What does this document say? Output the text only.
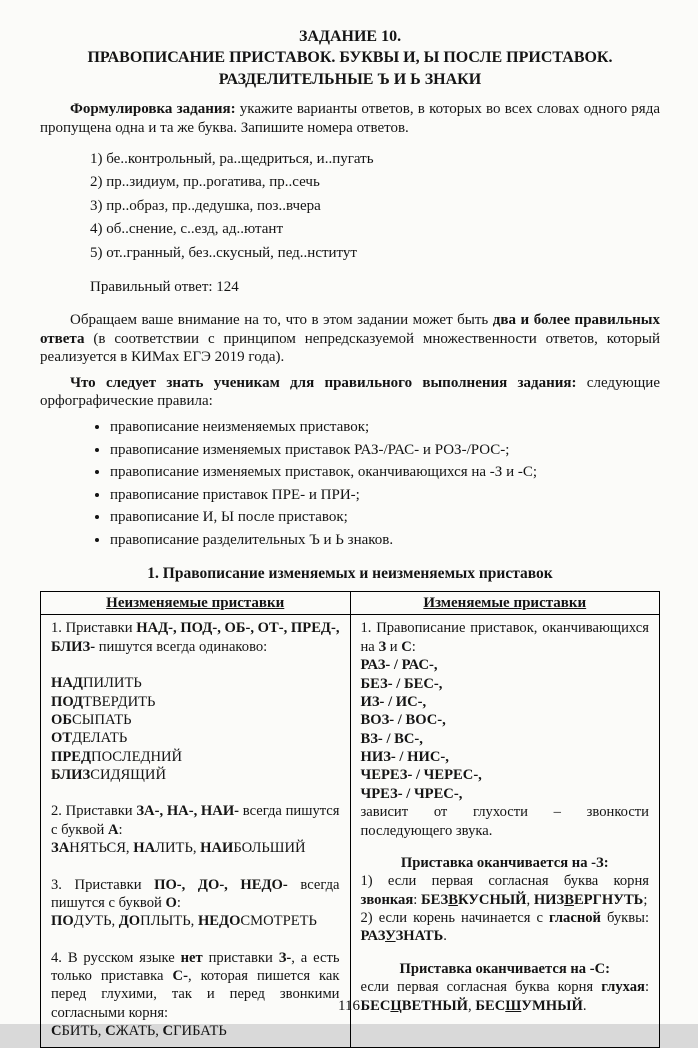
ЗАДАНИЕ 10.
ПРАВОПИСАНИЕ ПРИСТАВОК. БУКВЫ И, Ы ПОСЛЕ ПРИСТАВОК.
РАЗДЕЛИТЕЛЬНЫЕ Ъ И Ь ЗНАКИ

Формулировка задания: укажите варианты ответов, в которых во всех словах одного ряда пропущена одна и та же буква. Запишите номера ответов.

1) бе..контрольный, ра..щедриться, и..пугать
2) пр..зидиум, пр..рогатива, пр..сечь
3) пр..образ, пр..дедушка, поз..вчера
4) об..снение, с..езд, ад..ютант
5) от..гранный, без..скусный, пед..нститут
Правильный ответ: 124

Обращаем ваше внимание на то, что в этом задании может быть два и более правильных ответа (в соответствии с принципом непредсказуемой множественности ответов, который реализуется в КИМах ЕГЭ 2019 года).

Что следует знать ученикам для правильного выполнения задания: следующие орфографические правила:

• правописание неизменяемых приставок;
• правописание изменяемых приставок РАЗ-/РАС- и РОЗ-/РОС-;
• правописание изменяемых приставок, оканчивающихся на -З и -С;
• правописание приставок ПРЕ- и ПРИ-;
• правописание И, Ы после приставок;
• правописание разделительных Ъ и Ь знаков.
1. Правописание изменяемых и неизменяемых приставок
Неизменяемые приставки	Изменяемые приставки

1. Приставки НАД-, ПОД-, ОБ-, ОТ-, ПРЕД-, БЛИЗ- пишутся всегда одинаково:
НАДПИЛИТЬ
ПОДТВЕРДИТЬ
ОБСЫПАТЬ
ОТДЕЛАТЬ
ПРЕДПОСЛЕДНИЙ
БЛИЗСИДЯЩИЙ
2. Приставки ЗА-, НА-, НАИ- всегда пишутся с буквой А:
ЗАНЯТЬСЯ, НАЛИТЬ, НАИБОЛЬШИЙ
3. Приставки ПО-, ДО-, НЕДО- всегда пишутся с буквой О:
ПОДУТЬ, ДОПЛЫТЬ, НЕДОСМОТРЕТЬ
4. В русском языке нет приставки З-, а есть только приставка С-, которая пишется как перед глухими, так и перед звонкими согласными корня:
СБИТЬ, СЖАТЬ, СГИБАТЬ

1. Правописание приставок, оканчивающихся на З и С:
РАЗ- / РАС-,
БЕЗ- / БЕС-,
ИЗ- / ИС-,
ВОЗ- / ВОС-,
ВЗ- / ВС-,
НИЗ- / НИС-,
ЧЕРЕЗ- / ЧЕРЕС-,
ЧРЕЗ- / ЧРЕС-,
зависит от глухости – звонкости последующего звука.
Приставка оканчивается на -З:
1) если первая согласная буква корня звонкая: БЕЗВКУСНЫЙ, НИЗВЕРГНУТЬ;
2) если корень начинается с гласной буквы: РАЗУЗНАТЬ.
Приставка оканчивается на -С:
если первая согласная буква корня глухая: БЕСЦВЕТНЫЙ, БЕСШУМНЫЙ.
116
